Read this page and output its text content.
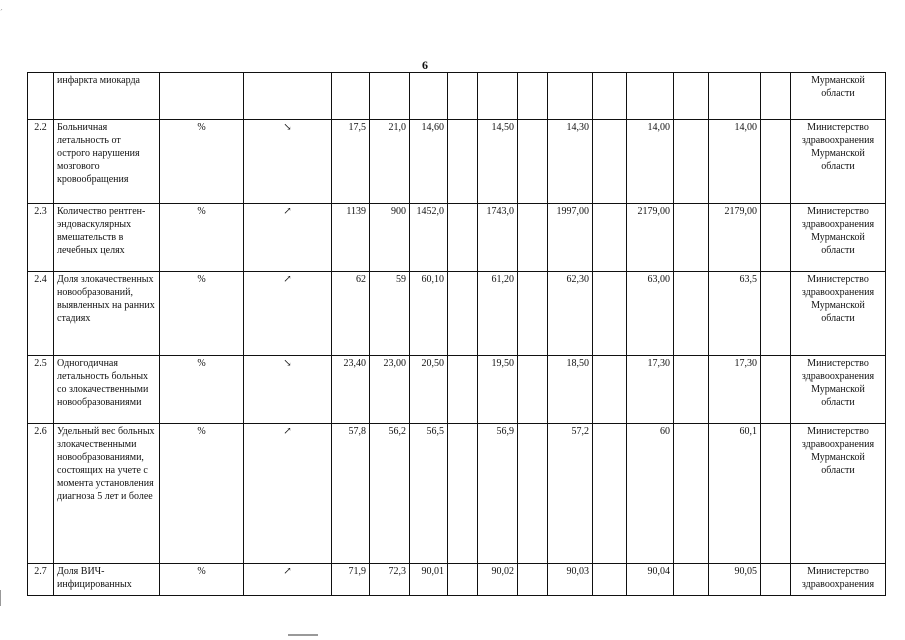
ˊ
6
	инфаркта миокарда															Мурманской области
2.2	Больничная летальность от острого нарушения мозгового кровообращения	%	↘	17,5	21,0	14,60		14,50		14,30		14,00		14,00		Министерство здравоохранения Мурманской области
2.3	Количество рентген-эндоваскулярных вмешательств в лечебных целях	%	↗	1139	900	1452,0		1743,0		1997,00		2179,00		2179,00		Министерство здравоохранения Мурманской области
2.4	Доля злокачественных новообразований, выявленных на ранних стадиях	%	↗	62	59	60,10		61,20		62,30		63,00		63,5		Министерство здравоохранения Мурманской области
2.5	Одногодичная летальность больных со злокачественными новообразованиями	%	↘	23,40	23,00	20,50		19,50		18,50		17,30		17,30		Министерство здравоохранения Мурманской области
2.6	Удельный вес больных злокачественными новообразованиями, состоящих на учете с момента установления диагноза 5 лет и более	%	↗	57,8	56,2	56,5		56,9		57,2		60		60,1		Министерство здравоохранения Мурманской области
2.7	Доля ВИЧ-инфицированных	%	↗	71,9	72,3	90,01		90,02		90,03		90,04		90,05		Министерство здравоохранения
